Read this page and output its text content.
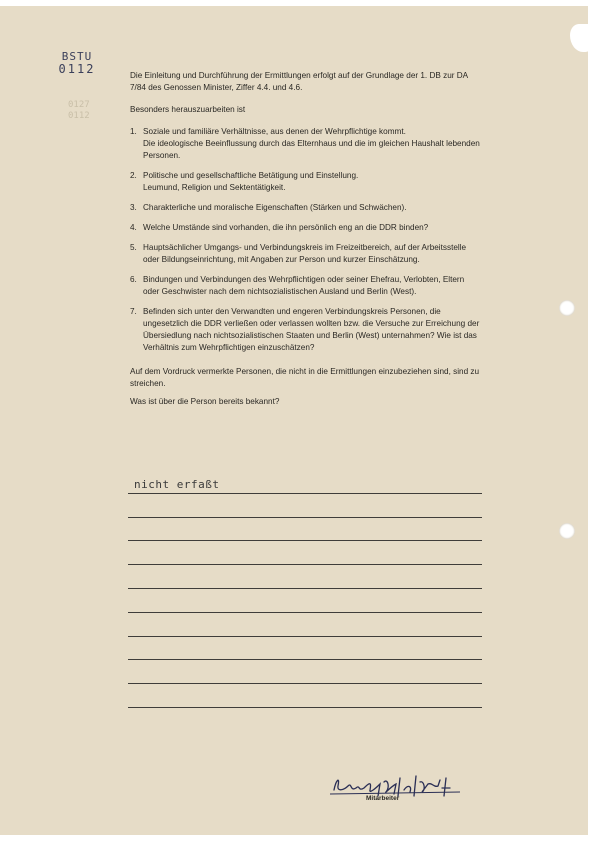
BSTU
0112
0127
0112

Die Einleitung und Durchführung der Ermittlungen erfolgt auf der Grundlage der 1. DB zur DA 7/84 des Genossen Minister, Ziffer 4.4. und 4.6.

Besonders herauszuarbeiten ist

1. Soziale und familiäre Verhältnisse, aus denen der Wehrpflichtige kommt.

Die ideologische Beeinflussung durch das Elternhaus und die im gleichen Haushalt lebenden Personen.

2. Politische und gesellschaftliche Betätigung und Einstellung.

Leumund, Religion und Sektentätigkeit.

3. Charakterliche und moralische Eigenschaften (Stärken und Schwächen).

4. Welche Umstände sind vorhanden, die ihn persönlich eng an die DDR binden?

5. Hauptsächlicher Umgangs- und Verbindungskreis im Freizeitbereich, auf der Arbeitsstelle oder Bildungseinrichtung, mit Angaben zur Person und kurzer Einschätzung.

6. Bindungen und Verbindungen des Wehrpflichtigen oder seiner Ehefrau, Verlobten, Eltern oder Geschwister nach dem nichtsozialistischen Ausland und Berlin (West).

7. Befinden sich unter den Verwandten und engeren Verbindungskreis Personen, die ungesetzlich die DDR verließen oder verlassen wollten bzw. die Versuche zur Erreichung der Übersiedlung nach nichtsozialistischen Staaten und Berlin (West) unternahmen? Wie ist das Verhältnis zum Wehrpflichtigen einzuschätzen?

Auf dem Vordruck vermerkte Personen, die nicht in die Ermittlungen einzubeziehen sind, sind zu streichen.

Was ist über die Person bereits bekannt?

nicht erfaßt
Mitarbeiter
